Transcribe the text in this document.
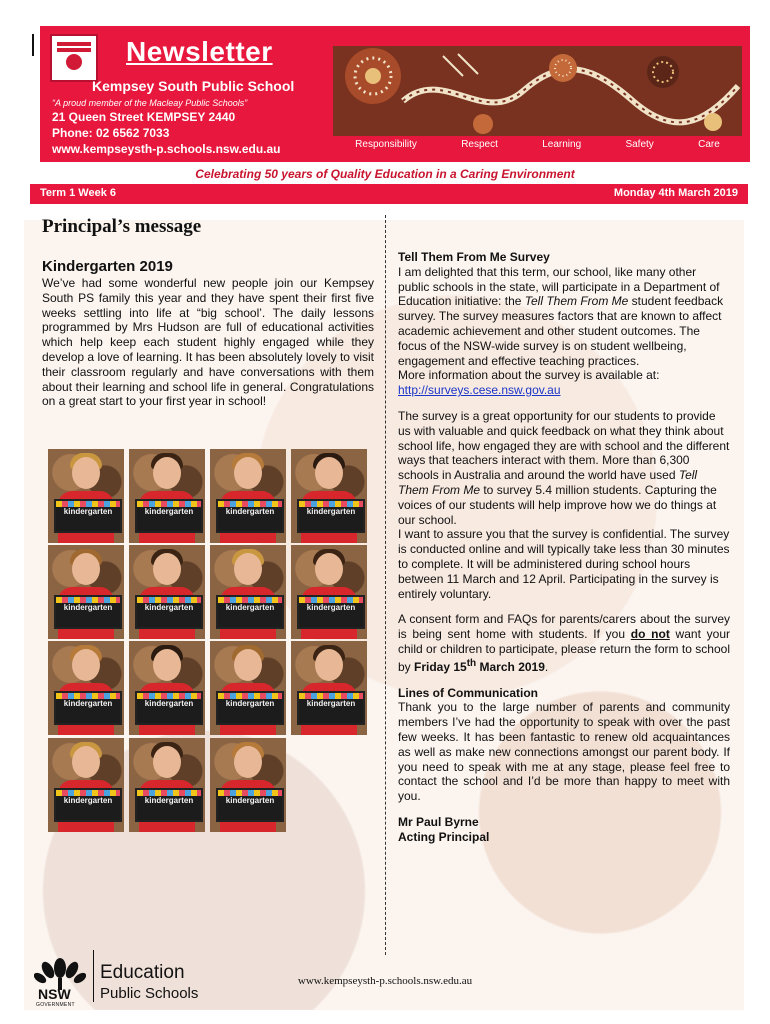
Newsletter
Kempsey South Public School
“A proud member of the Macleay Public Schools”
21 Queen Street KEMPSEY 2440
Phone: 02 6562 7033
www.kempseysth-p.schools.nsw.edu.au	Responsibility	Respect	Learning	Safety	Care
Celebrating 50 years of Quality Education in a Caring Environment
Term 1 Week 6	Monday 4th March 2019
Principal’s message
Kindergarten 2019

We’ve had some wonderful new people join our Kempsey South PS family this year and they have spent their first five weeks settling into life at “big school’. The daily lessons programmed by Mrs Hudson are full of educational activities which help keep each student highly engaged while they develop a love of learning. It has been absolutely lovely to visit their classroom regularly and have conversations with them about their learning and school life in general. Congratulations on a great start to your first year in school!

kindergarten	kindergarten	kindergarten	kindergarten
kindergarten	kindergarten	kindergarten	kindergarten
kindergarten	kindergarten	kindergarten	kindergarten
kindergarten	kindergarten	kindergarten

Tell Them From Me Survey

I am delighted that this term, our school, like many other public schools in the state, will participate in a Department of Education initiative: the Tell Them From Me student feedback survey. The survey measures factors that are known to affect academic achievement and other student outcomes. The focus of the NSW-wide survey is on student wellbeing, engagement and effective teaching practices.

More information about the survey is available at:

http://surveys.cese.nsw.gov.au

The survey is a great opportunity for our students to provide us with valuable and quick feedback on what they think about school life, how engaged they are with school and the different ways that teachers interact with them. More than 6,300 schools in Australia and around the world have used Tell Them From Me to survey 5.4 million students. Capturing the voices of our students will help improve how we do things at our school.

I want to assure you that the survey is confidential. The survey is conducted online and will typically take less than 30 minutes to complete. It will be administered during school hours between 11 March and 12 April. Participating in the survey is entirely voluntary.

A consent form and FAQs for parents/carers about the survey is being sent home with students. If you do not want your child or children to participate, please return the form to school by Friday 15th March 2019.

Lines of Communication

Thank you to the large number of parents and community members I’ve had the opportunity to speak with over the past few weeks. It has been fantastic to renew old acquaintances as well as make new connections amongst our parent body. If you need to speak with me at any stage, please feel free to contact the school and I’d be more than happy to meet with you.

Mr Paul Byrne

Acting Principal

NSW
GOVERNMENT
Education
Public Schools
www.kempseysth-p.schools.nsw.edu.au
